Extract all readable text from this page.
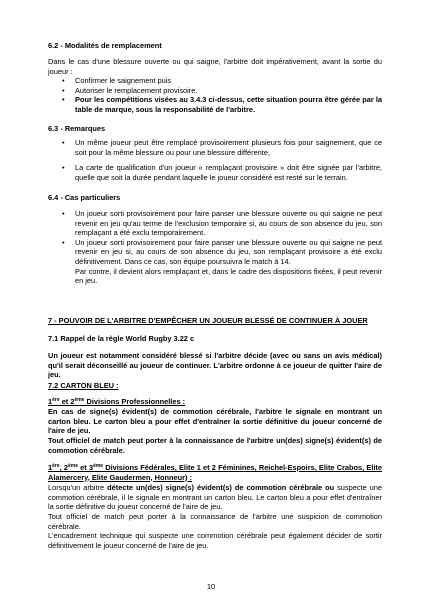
6.2 - Modalités de remplacement
Dans le cas d'une blessure ouverte ou qui saigne, l'arbitre doit impérativement, avant la sortie du joueur :
• Confirmer le saignement puis
• Autoriser le remplacement provisoire.
• Pour les compétitions visées au 3.4.3 ci-dessus, cette situation pourra être gérée par la table de marque, sous la responsabilité de l'arbitre.
6.3 - Remarques
• Un même joueur peut être remplacé provisoirement plusieurs fois pour saignement, que ce soit pour la même blessure ou pour une blessure différente,
• La carte de qualification d'un joueur « remplaçant provisoire » doit être signée par l'arbitre, quelle que soit la durée pendant laquelle le joueur considéré est resté sur le terrain.
6.4 - Cas particuliers
• Un joueur sorti provisoirement pour faire panser une blessure ouverte ou qui saigne ne peut revenir en jeu qu'au terme de l'exclusion temporaire si, au cours de son absence du jeu, son remplaçant a été exclu temporairement.

• Un joueur sorti provisoirement pour faire panser une blessure ouverte ou qui saigne ne peut revenir en jeu si, au cours de son absence du jeu, son remplaçant provisoire a été exclu définitivement. Dans ce cas, son équipe poursuivra le match à 14.

Par contre, il devient alors remplaçant et, dans le cadre des dispositions fixées, il peut revenir en jeu.

7 - POUVOIR DE L'ARBITRE D'EMPÊCHER UN JOUEUR BLESSÉ DE CONTINUER À JOUER
7.1 Rappel de la règle World Rugby 3.22 c
Un joueur est notamment considéré blessé si l'arbitre décide (avec ou sans un avis médical) qu'il serait déconseillé au joueur de continuer. L'arbitre ordonne à ce joueur de quitter l'aire de jeu.
7.2 CARTON BLEU :
1ère et 2ème Divisions Professionnelles :
En cas de signe(s) évident(s) de commotion cérébrale, l'arbitre le signale en montrant un carton bleu. Le carton bleu a pour effet d'entraîner la sortie définitive du joueur concerné de l'aire de jeu.
Tout officiel de match peut porter à la connaissance de l'arbitre un(des) signe(s) évident(s) de commotion cérébrale.
1ère, 2ème et 3ème Divisions Fédérales, Elite 1 et 2 Féminines, Reichel-Espoirs, Elite Crabos, Elite Alamercery, Elite Gaudermen, Honneur) :
Lorsqu'un arbitre détecte un(des) signe(s) évident(s) de commotion cérébrale ou suspecte une commotion cérébrale, il le signale en montrant un carton bleu. Le carton bleu a pour effet d'entraîner la sortie définitive du joueur concerné de l'aire de jeu.
Tout officiel de match peut porter à la connaissance de l'arbitre une suspicion de commotion cérébrale.
L'encadrement technique qui suspecte une commotion cérébrale peut également décider de sortir définitivement le joueur concerné de l'aire de jeu.
10
